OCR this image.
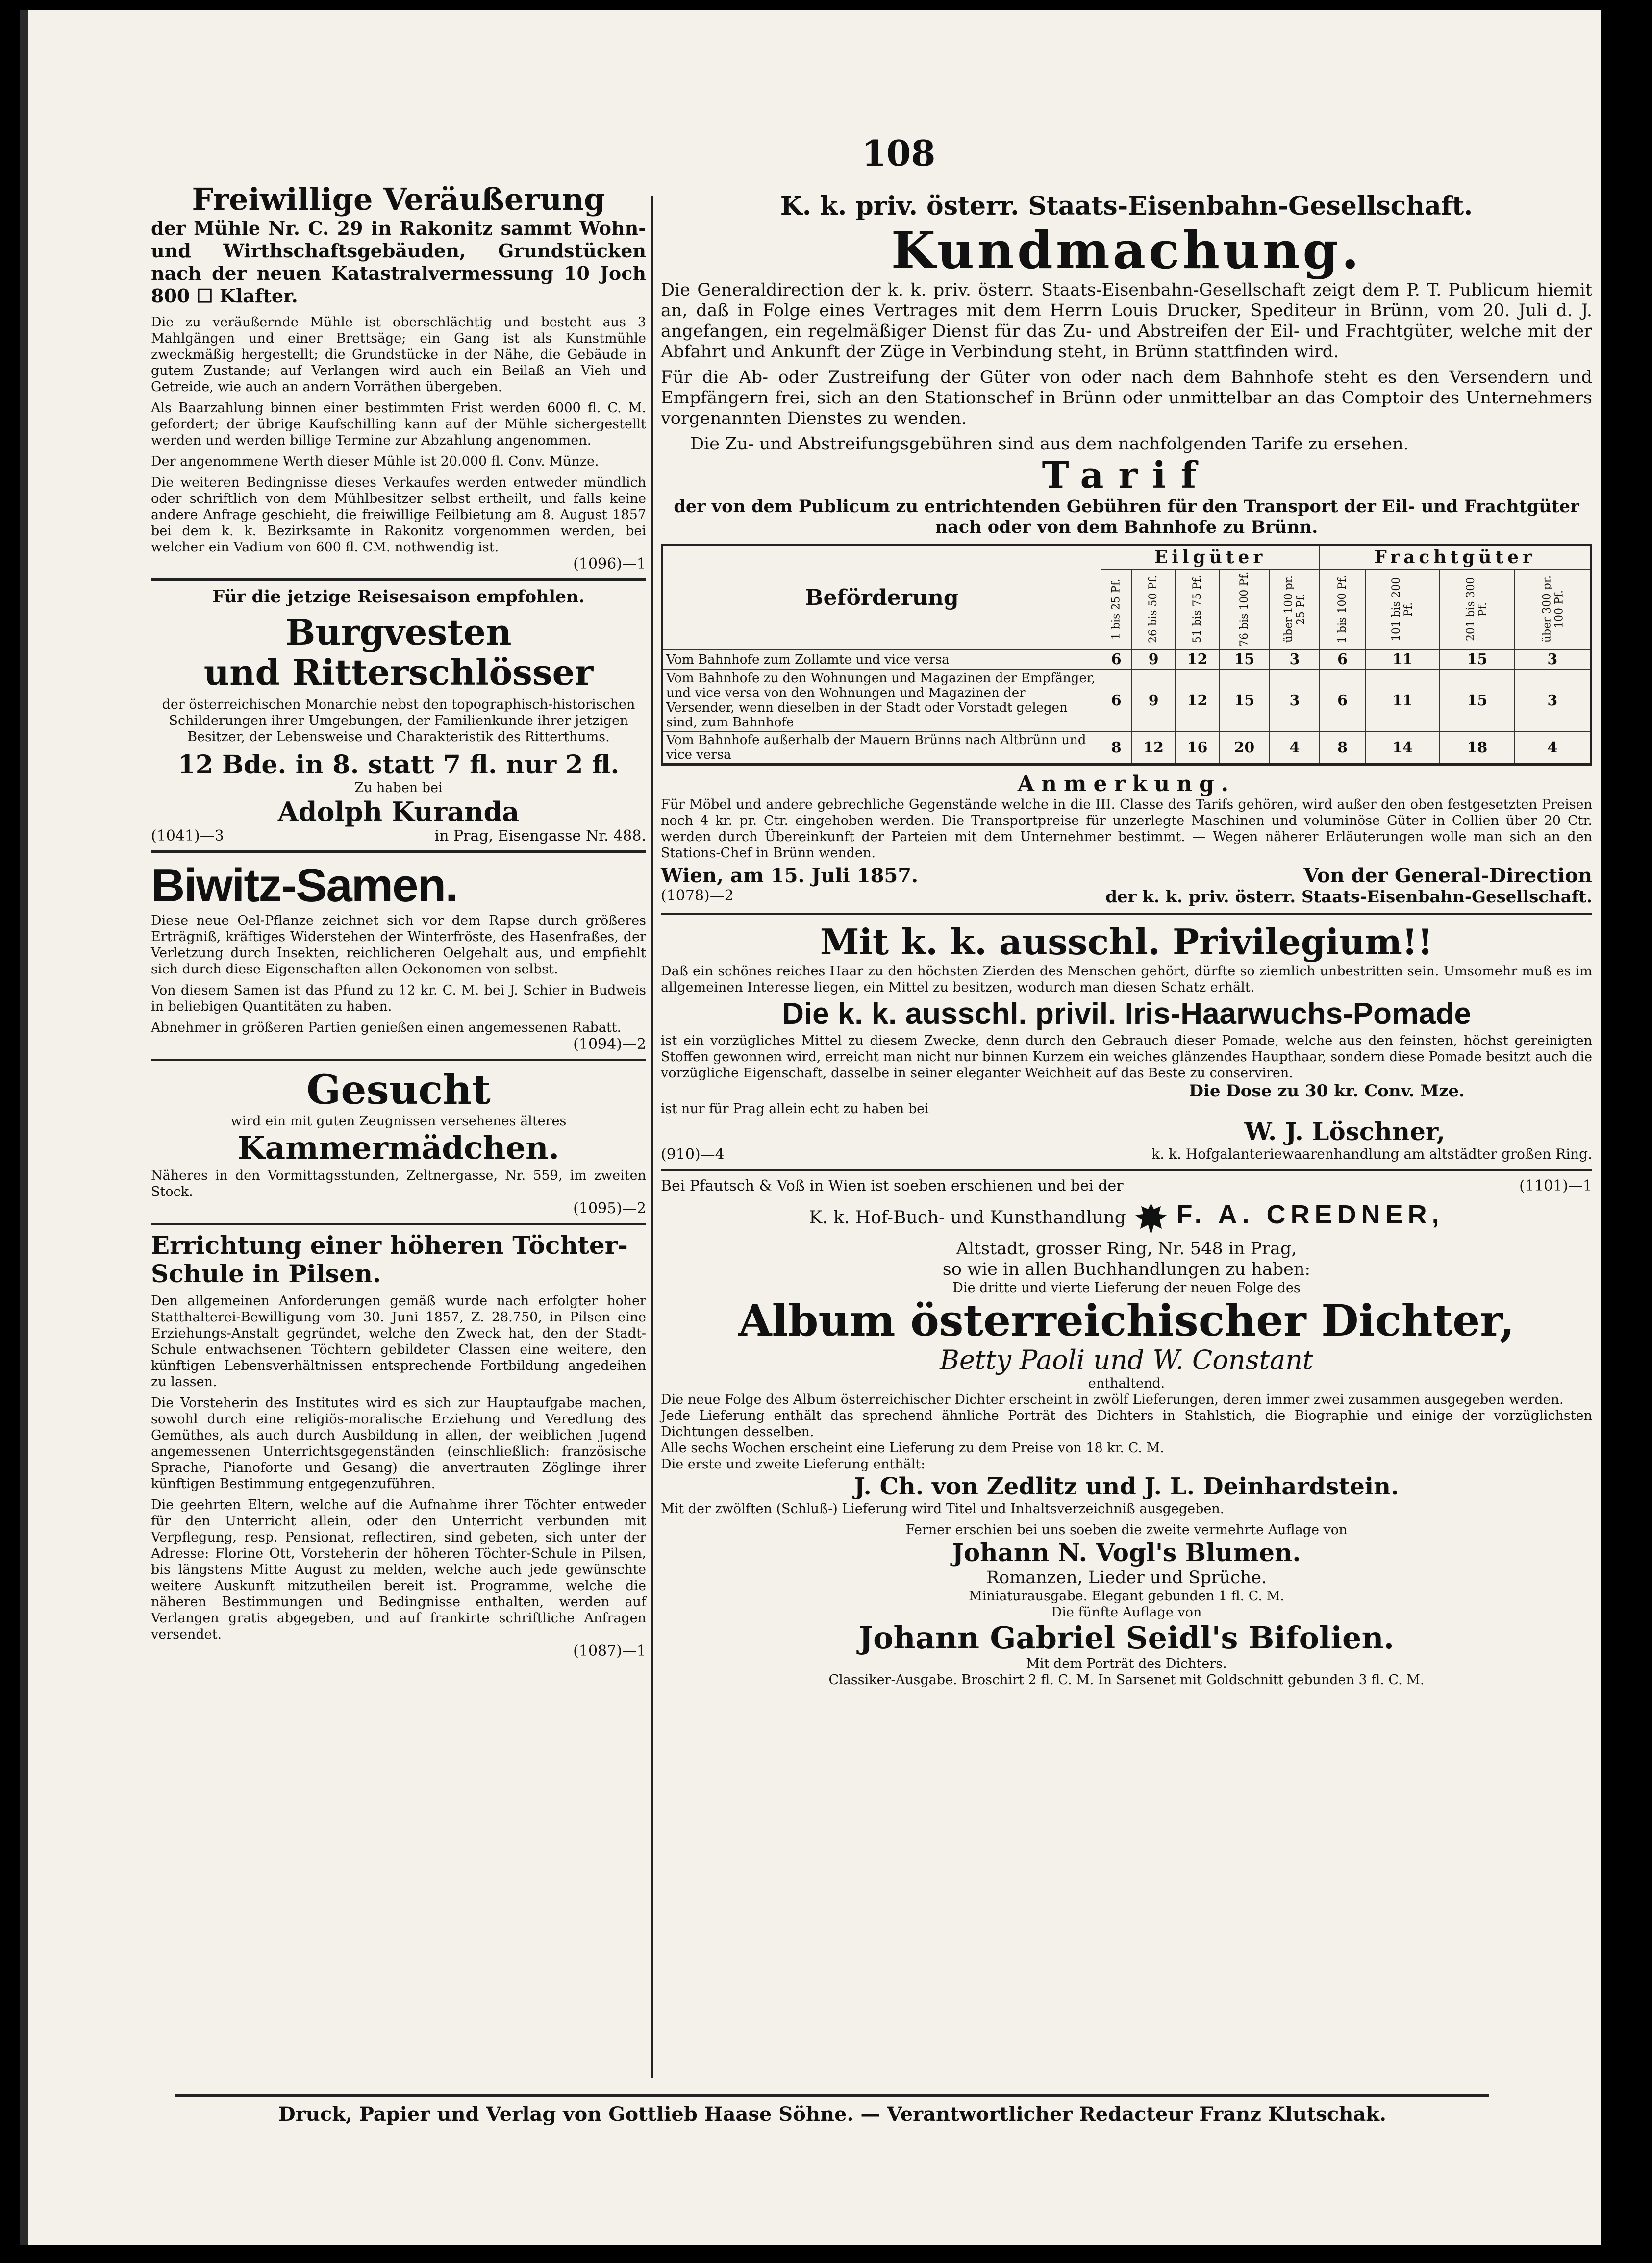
108
Freiwillige Veräußerung
der Mühle Nr. C. 29 in Rakonitz sammt Wohn- und Wirthschaftsgebäuden, Grundstücken nach der neuen Katastralvermessung 10 Joch 800 ☐ Klafter.
Die zu veräußernde Mühle ist oberschlächtig und besteht aus 3 Mahlgängen und einer Brettsäge; ein Gang ist als Kunstmühle zweckmäßig hergestellt; die Grundstücke in der Nähe, die Gebäude in gutem Zustande; auf Verlangen wird auch ein Beilaß an Vieh und Getreide, wie auch an andern Vorräthen übergeben.
Als Baarzahlung binnen einer bestimmten Frist werden 6000 fl. C. M. gefordert; der übrige Kaufschilling kann auf der Mühle sichergestellt werden und werden billige Termine zur Abzahlung angenommen.
Der angenommene Werth dieser Mühle ist 20.000 fl. Conv. Münze.
Die weiteren Bedingnisse dieses Verkaufes werden entweder mündlich oder schriftlich von dem Mühlbesitzer selbst ertheilt, und falls keine andere Anfrage geschieht, die freiwillige Feilbietung am 8. August 1857 bei dem k. k. Bezirksamte in Rakonitz vorgenommen werden, bei welcher ein Vadium von 600 fl. CM. nothwendig ist.
(1096)—1
Für die jetzige Reisesaison empfohlen.
Burgvesten
und Ritterschlösser
der österreichischen Monarchie nebst den topographisch-historischen Schilderungen ihrer Umgebungen, der Familienkunde ihrer jetzigen Besitzer, der Lebensweise und Charakteristik des Ritterthums.
12 Bde. in 8. statt 7 fl. nur 2 fl.
Zu haben bei
Adolph Kuranda
(1041)—3	in Prag, Eisengasse Nr. 488.
Biwitz-Samen.
Diese neue Oel-Pflanze zeichnet sich vor dem Rapse durch größeres Erträgniß, kräftiges Widerstehen der Winterfröste, des Hasenfraßes, der Verletzung durch Insekten, reichlicheren Oelgehalt aus, und empfiehlt sich durch diese Eigenschaften allen Oekonomen von selbst.
Von diesem Samen ist das Pfund zu 12 kr. C. M. bei J. Schier in Budweis in beliebigen Quantitäten zu haben.
Abnehmer in größeren Partien genießen einen angemessenen Rabatt.
(1094)—2
Gesucht
wird ein mit guten Zeugnissen versehenes älteres
Kammermädchen.
Näheres in den Vormittagsstunden, Zeltnergasse, Nr. 559, im zweiten Stock.
(1095)—2
Errichtung einer höheren Töchter-Schule in Pilsen.
Den allgemeinen Anforderungen gemäß wurde nach erfolgter hoher Statthalterei-Bewilligung vom 30. Juni 1857, Z. 28.750, in Pilsen eine Erziehungs-Anstalt gegründet, welche den Zweck hat, den der Stadt-Schule entwachsenen Töchtern gebildeter Classen eine weitere, den künftigen Lebensverhältnissen entsprechende Fortbildung angedeihen zu lassen.
Die Vorsteherin des Institutes wird es sich zur Hauptaufgabe machen, sowohl durch eine religiös-moralische Erziehung und Veredlung des Gemüthes, als auch durch Ausbildung in allen, der weiblichen Jugend angemessenen Unterrichtsgegenständen (einschließlich: französische Sprache, Pianoforte und Gesang) die anvertrauten Zöglinge ihrer künftigen Bestimmung entgegenzuführen.
Die geehrten Eltern, welche auf die Aufnahme ihrer Töchter entweder für den Unterricht allein, oder den Unterricht verbunden mit Verpflegung, resp. Pensionat, reflectiren, sind gebeten, sich unter der Adresse: Florine Ott, Vorsteherin der höheren Töchter-Schule in Pilsen, bis längstens Mitte August zu melden, welche auch jede gewünschte weitere Auskunft mitzutheilen bereit ist. Programme, welche die näheren Bestimmungen und Bedingnisse enthalten, werden auf Verlangen gratis abgegeben, und auf frankirte schriftliche Anfragen versendet.
(1087)—1
K. k. priv. österr. Staats-Eisenbahn-Gesellschaft.
Kundmachung.
Die Generaldirection der k. k. priv. österr. Staats-Eisenbahn-Gesellschaft zeigt dem P. T. Publicum hiemit an, daß in Folge eines Vertrages mit dem Herrn Louis Drucker, Spediteur in Brünn, vom 20. Juli d. J. angefangen, ein regelmäßiger Dienst für das Zu- und Abstreifen der Eil- und Frachtgüter, welche mit der Abfahrt und Ankunft der Züge in Verbindung steht, in Brünn stattfinden wird.
Für die Ab- oder Zustreifung der Güter von oder nach dem Bahnhofe steht es den Versendern und Empfängern frei, sich an den Stationschef in Brünn oder unmittelbar an das Comptoir des Unternehmers vorgenannten Dienstes zu wenden.
Die Zu- und Abstreifungsgebühren sind aus dem nachfolgenden Tarife zu ersehen.
Tarif
der von dem Publicum zu entrichtenden Gebühren für den Transport der Eil- und Frachtgüter nach oder von dem Bahnhofe zu Brünn.
Beförderung	Eilgüter					Frachtgüter			
	1 bis 25 Pf.	26 bis 50 Pf.	51 bis 75 Pf.	76 bis 100 Pf.	über 100 pr. 25 Pf.	1 bis 100 Pf.	101 bis 200 Pf.	201 bis 300 Pf.	über 300 pr. 100 Pf.
Vom Bahnhofe zum Zollamte und vice versa	6	9	12	15	3	6	11	15	3
Vom Bahnhofe zu den Wohnungen und Magazinen der Empfänger, und vice versa von den Wohnungen und Magazinen der Versender, wenn dieselben in der Stadt oder Vorstadt gelegen sind, zum Bahnhofe	6	9	12	15	3	6	11	15	3
Vom Bahnhofe außerhalb der Mauern Brünns nach Altbrünn und vice versa	8	12	16	20	4	8	14	18	4
Anmerkung.
Für Möbel und andere gebrechliche Gegenstände welche in die III. Classe des Tarifs gehören, wird außer den oben festgesetzten Preisen noch 4 kr. pr. Ctr. eingehoben werden. Die Transportpreise für unzerlegte Maschinen und voluminöse Güter in Collien über 20 Ctr. werden durch Übereinkunft der Parteien mit dem Unternehmer bestimmt. — Wegen näherer Erläuterungen wolle man sich an den Stations-Chef in Brünn wenden.
Wien, am 15. Juli 1857.	Von der General-Direction
(1078)—2	der k. k. priv. österr. Staats-Eisenbahn-Gesellschaft.
Mit k. k. ausschl. Privilegium!!
Daß ein schönes reiches Haar zu den höchsten Zierden des Menschen gehört, dürfte so ziemlich unbestritten sein. Umsomehr muß es im allgemeinen Interesse liegen, ein Mittel zu besitzen, wodurch man diesen Schatz erhält.
Die k. k. ausschl. privil. Iris-Haarwuchs-Pomade
ist ein vorzügliches Mittel zu diesem Zwecke, denn durch den Gebrauch dieser Pomade, welche aus den feinsten, höchst gereinigten Stoffen gewonnen wird, erreicht man nicht nur binnen Kurzem ein weiches glänzendes Haupthaar, sondern diese Pomade besitzt auch die vorzügliche Eigenschaft, dasselbe in seiner eleganter Weichheit auf das Beste zu conserviren.
Die Dose zu 30 kr. Conv. Mze.
ist nur für Prag allein echt zu haben bei
W. J. Löschner,
(910)—4	k. k. Hofgalanteriewaarenhandlung am altstädter großen Ring.
Bei Pfautsch & Voß in Wien ist soeben erschienen und bei der	(1101)—1
K. k. Hof-Buch- und Kunsthandlung F. A. CREDNER,
Altstadt, grosser Ring, Nr. 548 in Prag,
so wie in allen Buchhandlungen zu haben:
Die dritte und vierte Lieferung der neuen Folge des
Album österreichischer Dichter,
Betty Paoli und W. Constant
enthaltend.
Die neue Folge des Album österreichischer Dichter erscheint in zwölf Lieferungen, deren immer zwei zusammen ausgegeben werden.
Jede Lieferung enthält das sprechend ähnliche Porträt des Dichters in Stahlstich, die Biographie und einige der vorzüglichsten Dichtungen desselben.
Alle sechs Wochen erscheint eine Lieferung zu dem Preise von 18 kr. C. M.
Die erste und zweite Lieferung enthält:
J. Ch. von Zedlitz und J. L. Deinhardstein.
Mit der zwölften (Schluß-) Lieferung wird Titel und Inhaltsverzeichniß ausgegeben.
Ferner erschien bei uns soeben die zweite vermehrte Auflage von
Johann N. Vogl's Blumen.
Romanzen, Lieder und Sprüche.
Miniaturausgabe. Elegant gebunden 1 fl. C. M.
Die fünfte Auflage von
Johann Gabriel Seidl's Bifolien.
Mit dem Porträt des Dichters.
Classiker-Ausgabe. Broschirt 2 fl. C. M. In Sarsenet mit Goldschnitt gebunden 3 fl. C. M.
Druck, Papier und Verlag von Gottlieb Haase Söhne. — Verantwortlicher Redacteur Franz Klutschak.
